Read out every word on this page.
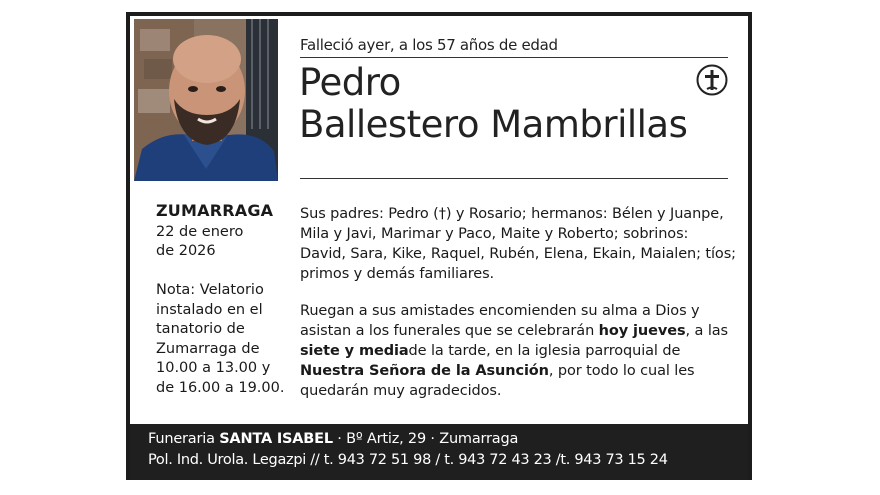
Falleció ayer, a los 57 años de edad
Pedro
Ballestero Mambrillas
ZUMARRAGA
22 de enero
de 2026
Nota: Velatorio instalado en el tanatorio de Zumarraga de 10.00 a 13.00 y de 16.00 a 19.00.
Sus padres: Pedro (†) y Rosario; hermanos: Bélen y Juanpe, Mila y Javi, Marimar y Paco, Maite y Roberto; sobrinos: David, Sara, Kike, Raquel, Rubén, Elena, Ekain, Maialen; tíos; primos y demás familiares.
Ruegan a sus amistades encomienden su alma a Dios y asistan a los funerales que se celebrarán hoy jueves, a las siete y mediade la tarde, en la iglesia parroquial de Nuestra Señora de la Asunción, por todo lo cual les quedarán muy agradecidos.
Funeraria SANTA ISABEL · Bº Artiz, 29 · Zumarraga
Pol. Ind. Urola. Legazpi // t. 943 72 51 98 / t. 943 72 43 23 /t. 943 73 15 24
